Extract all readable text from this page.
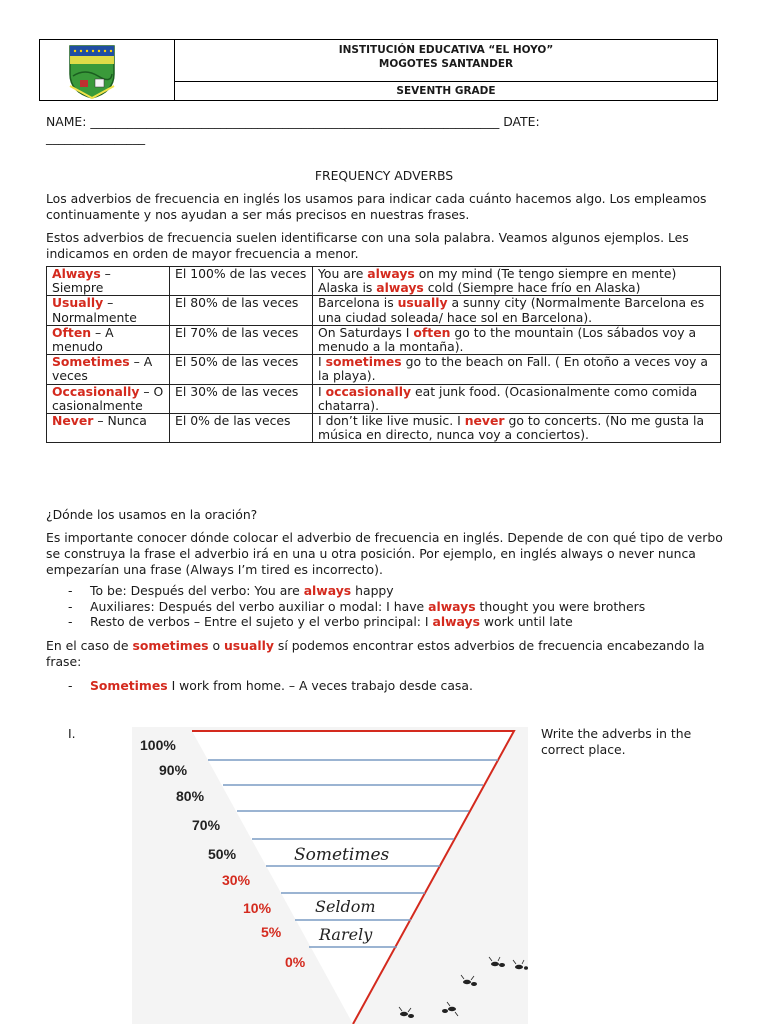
INSTITUCIÓN EDUCATIVA “EL HOYO”
MOGOTES SANTANDER
SEVENTH GRADE
NAME: __________________________________________________________________ DATE:
________________
FREQUENCY ADVERBS
Los adverbios de frecuencia en inglés los usamos para indicar cada cuánto hacemos algo. Los empleamos continuamente y nos ayudan a ser más precisos en nuestras frases.
Estos adverbios de frecuencia suelen identificarse con una sola palabra. Veamos algunos ejemplos. Les indicamos en orden de mayor frecuencia a menor.
Always – Siempre	El 100% de las veces	You are always on my mind (Te tengo siempre en mente)
Alaska is always cold (Siempre hace frío en Alaska)
Usually – Normalmente	El 80% de las veces	Barcelona is usually a sunny city (Normalmente Barcelona es una ciudad soleada/ hace sol en Barcelona).
Often – A menudo	El 70% de las veces	On Saturdays I often go to the mountain (Los sábados voy a menudo a la montaña).
Sometimes – A veces	El 50% de las veces	I sometimes go to the beach on Fall. ( En otoño a veces voy a la playa).
Occasionally – Ocasionalmente	El 30% de las veces	I occasionally eat junk food. (Ocasionalmente como comida chatarra).
Never – Nunca	El 0% de las veces	I don’t like live music. I never go to concerts. (No me gusta la música en directo, nunca voy a conciertos).
¿Dónde los usamos en la oración?
Es importante conocer dónde colocar el adverbio de frecuencia en inglés. Depende de con qué tipo de verbo se construya la frase el adverbio irá en una u otra posición. Por ejemplo, en inglés always o never nunca empezarían una frase (Always I’m tired es incorrecto).
- To be: Después del verbo: You are always happy
- Auxiliares: Después del verbo auxiliar o modal: I have always thought you were brothers
- Resto de verbos – Entre el sujeto y el verbo principal: I always work until late
En el caso de sometimes o usually sí podemos encontrar estos adverbios de frecuencia encabezando la frase:
- Sometimes I work from home. – A veces trabajo desde casa.
I.	Write the adverbs in the correct place.
100%
90%
80%
70%
50%
30%
10%
5%
0%
Sometimes
Seldom
Rarely
